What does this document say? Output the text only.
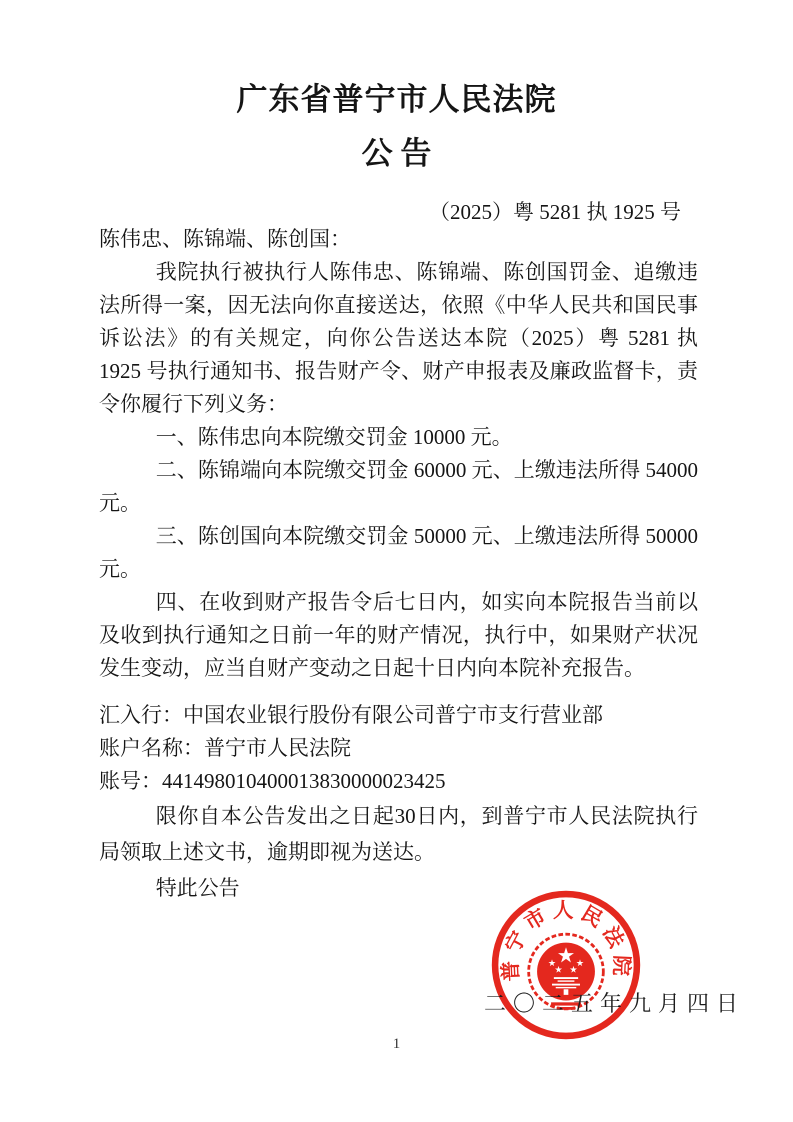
广东省普宁市人民法院
公 告
（2025）粤 5281 执 1925 号

陈伟忠、陈锦端、陈创国：

我院执行被执行人陈伟忠、陈锦端、陈创国罚金、追缴违法所得一案，因无法向你直接送达，依照《中华人民共和国民事诉讼法》的有关规定，向你公告送达本院（2025）粤 5281 执 1925 号执行通知书、报告财产令、财产申报表及廉政监督卡，责令你履行下列义务：

一、陈伟忠向本院缴交罚金 10000 元。

二、陈锦端向本院缴交罚金 60000 元、上缴违法所得 54000 元。

三、陈创国向本院缴交罚金 50000 元、上缴违法所得 50000 元。

四、在收到财产报告令后七日内，如实向本院报告当前以及收到执行通知之日前一年的财产情况，执行中，如果财产状况发生变动，应当自财产变动之日起十日内向本院补充报告。

汇入行：中国农业银行股份有限公司普宁市支行营业部

账户名称：普宁市人民法院

账号：441498010400013830000023425

限你自本公告发出之日起30日内，到普宁市人民法院执行局领取上述文书，逾期即视为送达。

特此公告

普宁市人民法院
二〇二五年九月四日
1
